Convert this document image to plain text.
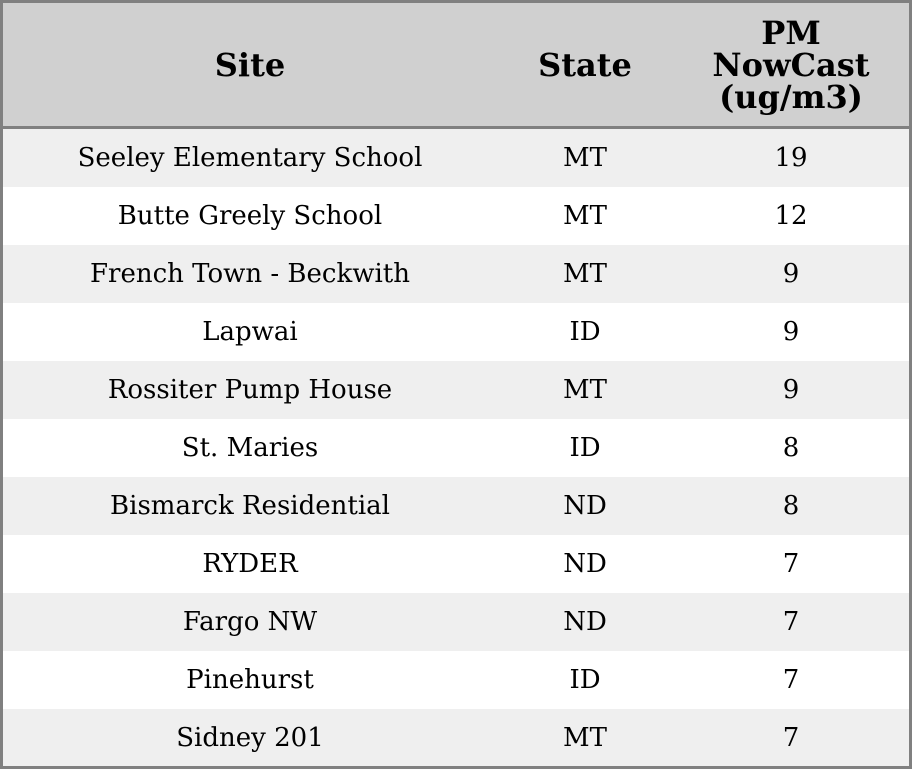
Site	State	PM
NowCast
(ug/m3)

Seeley Elementary School	MT	19
Butte Greely School	MT	12
French Town - Beckwith	MT	9
Lapwai	ID	9
Rossiter Pump House	MT	9
St. Maries	ID	8
Bismarck Residential	ND	8
RYDER	ND	7
Fargo NW	ND	7
Pinehurst	ID	7
Sidney 201	MT	7
